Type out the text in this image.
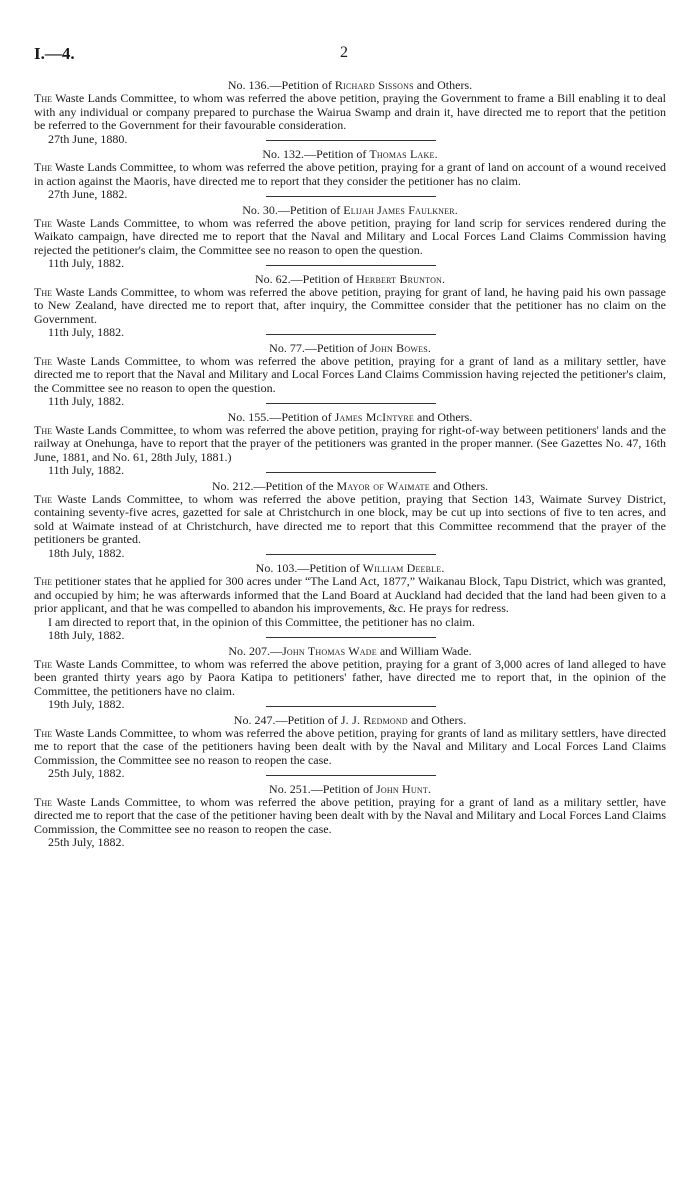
I.—4.	2
No. 136.—Petition of Richard Sissons and Others.

The Waste Lands Committee, to whom was referred the above petition, praying the Government to frame a Bill enabling it to deal with any individual or company prepared to purchase the Wairua Swamp and drain it, have directed me to report that the petition be referred to the Government for their favourable consideration.

27th June, 1880.

No. 132.—Petition of Thomas Lake.

The Waste Lands Committee, to whom was referred the above petition, praying for a grant of land on account of a wound received in action against the Maoris, have directed me to report that they consider the petitioner has no claim.

27th June, 1882.

No. 30.—Petition of Elijah James Faulkner.

The Waste Lands Committee, to whom was referred the above petition, praying for land scrip for services rendered during the Waikato campaign, have directed me to report that the Naval and Military and Local Forces Land Claims Commission having rejected the petitioner's claim, the Committee see no reason to open the question.

11th July, 1882.

No. 62.—Petition of Herbert Brunton.

The Waste Lands Committee, to whom was referred the above petition, praying for grant of land, he having paid his own passage to New Zealand, have directed me to report that, after inquiry, the Committee consider that the petitioner has no claim on the Government.

11th July, 1882.

No. 77.—Petition of John Bowes.

The Waste Lands Committee, to whom was referred the above petition, praying for a grant of land as a military settler, have directed me to report that the Naval and Military and Local Forces Land Claims Commission having rejected the petitioner's claim, the Committee see no reason to open the question.

11th July, 1882.

No. 155.—Petition of James McIntyre and Others.

The Waste Lands Committee, to whom was referred the above petition, praying for right-of-way between petitioners' lands and the railway at Onehunga, have to report that the prayer of the petitioners was granted in the proper manner. (See Gazettes No. 47, 16th June, 1881, and No. 61, 28th July, 1881.)

11th July, 1882.

No. 212.—Petition of the Mayor of Waimate and Others.

The Waste Lands Committee, to whom was referred the above petition, praying that Section 143, Waimate Survey District, containing seventy-five acres, gazetted for sale at Christchurch in one block, may be cut up into sections of five to ten acres, and sold at Waimate instead of at Christchurch, have directed me to report that this Committee recommend that the prayer of the petitioners be granted.

18th July, 1882.

No. 103.—Petition of William Deeble.

The petitioner states that he applied for 300 acres under “The Land Act, 1877,” Waikanau Block, Tapu District, which was granted, and occupied by him; he was afterwards informed that the Land Board at Auckland had decided that the land had been given to a prior applicant, and that he was compelled to abandon his improvements, &c. He prays for redress.

I am directed to report that, in the opinion of this Committee, the petitioner has no claim.

18th July, 1882.

No. 207.—John Thomas Wade and William Wade.

The Waste Lands Committee, to whom was referred the above petition, praying for a grant of 3,000 acres of land alleged to have been granted thirty years ago by Paora Katipa to petitioners' father, have directed me to report that, in the opinion of the Committee, the petitioners have no claim.

19th July, 1882.

No. 247.—Petition of J. J. Redmond and Others.

The Waste Lands Committee, to whom was referred the above petition, praying for grants of land as military settlers, have directed me to report that the case of the petitioners having been dealt with by the Naval and Military and Local Forces Land Claims Commission, the Committee see no reason to reopen the case.

25th July, 1882.

No. 251.—Petition of John Hunt.

The Waste Lands Committee, to whom was referred the above petition, praying for a grant of land as a military settler, have directed me to report that the case of the petitioner having been dealt with by the Naval and Military and Local Forces Land Claims Commission, the Committee see no reason to reopen the case.

25th July, 1882.
